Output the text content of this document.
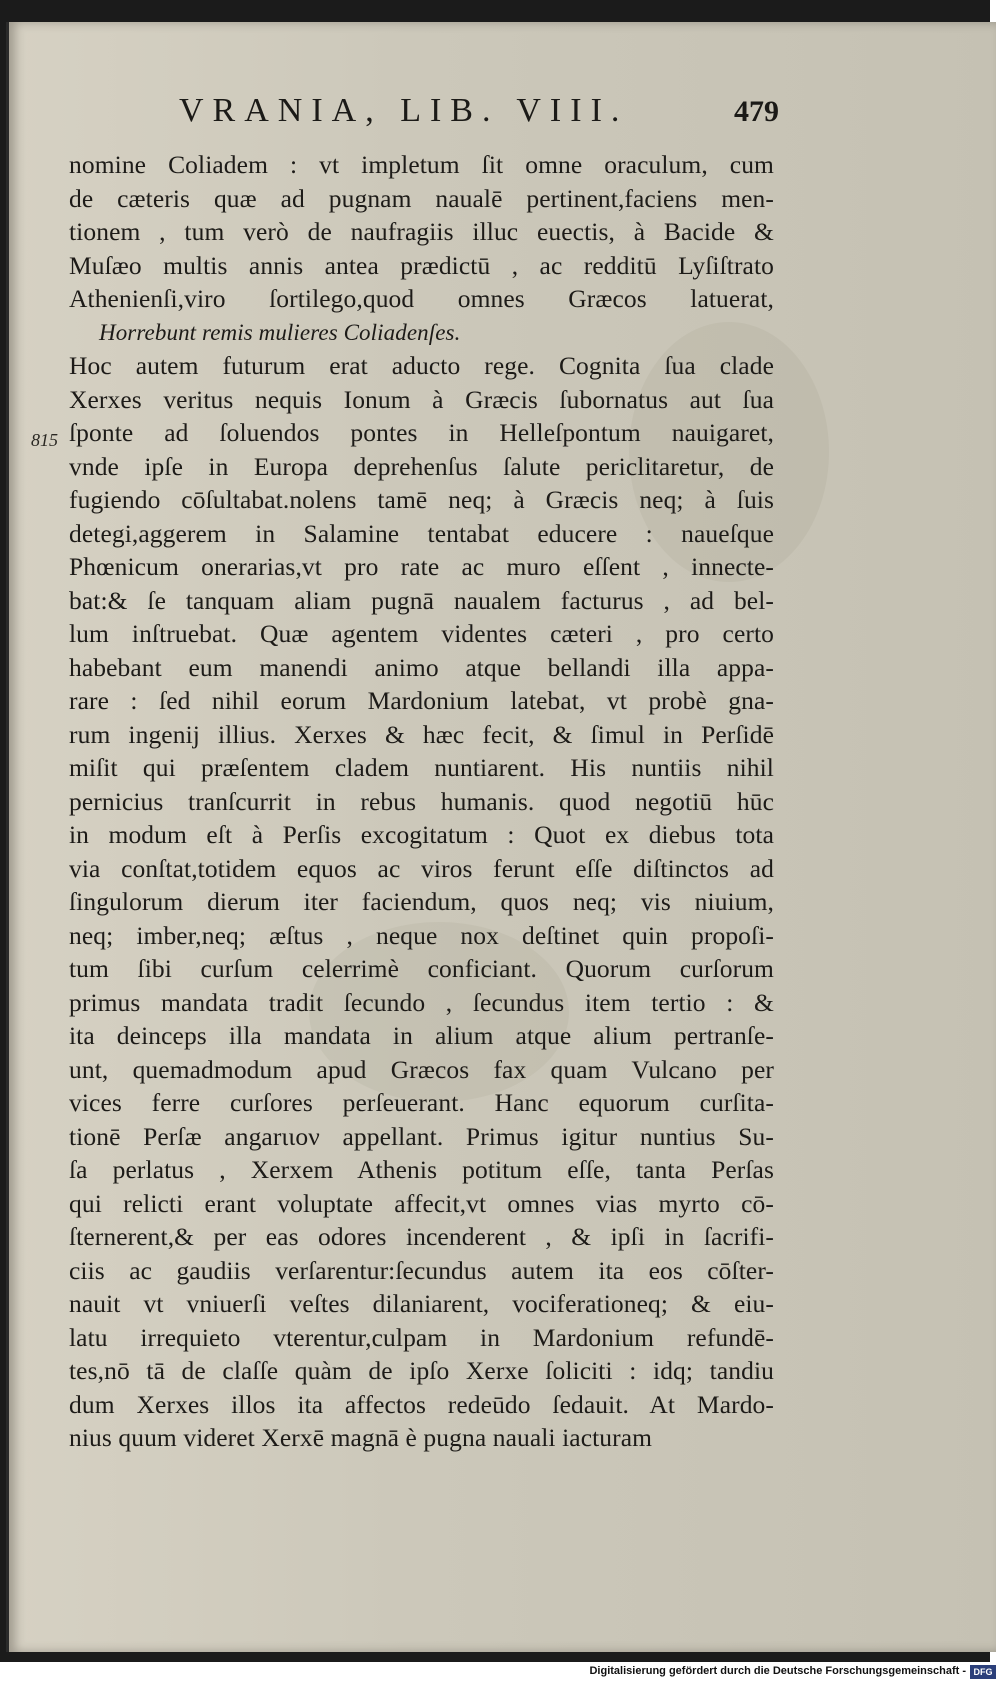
VRANIA, LIB. VIII.	479
815
nomine Coliadem : vt impletum ſit omne oraculum, cum
de cæteris quæ ad pugnam naualē pertinent,faciens men-
tionem , tum verò de naufragiis illuc euectis, à Bacide &
Muſæo multis annis antea prædictū , ac redditū Lyſiſtrato
Athenienſi,viro ſortilego,quod omnes Græcos latuerat,
Horrebunt remis mulieres Coliadenſes.
Hoc autem futurum erat aducto rege. Cognita ſua clade
Xerxes veritus nequis Ionum à Græcis ſubornatus aut ſua
ſponte ad ſoluendos pontes in Helleſpontum nauigaret,
vnde ipſe in Europa deprehenſus ſalute periclitaretur, de
fugiendo cōſultabat.nolens tamē neq; à Græcis neq; à ſuis
detegi,aggerem in Salamine tentabat educere : naueſque
Phœnicum onerarias,vt pro rate ac muro eſſent , innecte-
bat:& ſe tanquam aliam pugnā naualem facturus , ad bel-
lum inſtruebat. Quæ agentem videntes cæteri , pro certo
habebant eum manendi animo atque bellandi illa appa-
rare : ſed nihil eorum Mardonium latebat, vt probè gna-
rum ingenij illius. Xerxes & hæc fecit, & ſimul in Perſidē
miſit qui præſentem cladem nuntiarent. His nuntiis nihil
pernicius tranſcurrit in rebus humanis. quod negotiū hūc
in modum eſt à Perſis excogitatum : Quot ex diebus tota
via conſtat,totidem equos ac viros ferunt eſſe diſtinctos ad
ſingulorum dierum iter faciendum, quos neq; vis niuium,
neq; imber,neq; æſtus , neque nox deſtinet quin propoſi-
tum ſibi curſum celerrimè conficiant. Quorum curſorum
primus mandata tradit ſecundo , ſecundus item tertio : &
ita deinceps illa mandata in alium atque alium pertranſe-
unt, quemadmodum apud Græcos fax quam Vulcano per
vices ferre curſores perſeuerant. Hanc equorum curſita-
tionē Perſæ angarɩιον appellant. Primus igitur nuntius Su-
ſa perlatus , Xerxem Athenis potitum eſſe, tanta Perſas
qui relicti erant voluptate affecit,vt omnes vias myrto cō-
ſternerent,& per eas odores incenderent , & ipſi in ſacrifi-
ciis ac gaudiis verſarentur:ſecundus autem ita eos cōſter-
nauit vt vniuerſi veſtes dilaniarent, vociferationeq; & eiu-
latu irrequieto vterentur,culpam in Mardonium refundē-
tes,nō tā de claſſe quàm de ipſo Xerxe ſoliciti : idq; tandiu
dum Xerxes illos ita affectos redeūdo ſedauit. At Mardo-
nius quum videret Xerxē magnā è pugna nauali iacturam
Digitalisierung gefördert durch die Deutsche Forschungsgemeinschaft - DFG
